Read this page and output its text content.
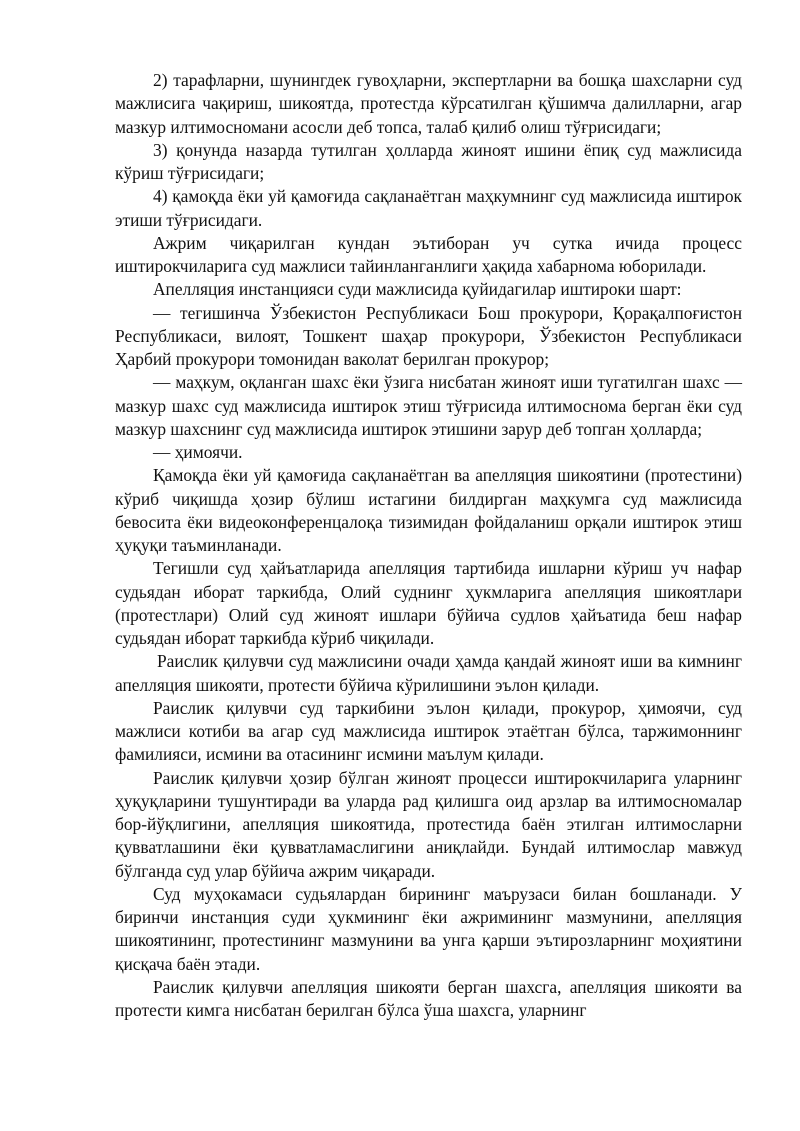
2) тарафларни, шунингдек гувоҳларни, экспертларни ва бошқа шахсларни суд мажлисига чақириш, шикоятда, протестда кўрсатилган қўшимча далилларни, агар мазкур илтимосномани асосли деб топса, талаб қилиб олиш тўғрисидаги;

3) қонунда назарда тутилган ҳолларда жиноят ишини ёпиқ суд мажлисида кўриш тўғрисидаги;

4) қамоқда ёки уй қамоғида сақланаётган маҳкумнинг суд мажлисида иштирок этиши тўғрисидаги.

Ажрим чиқарилган кундан эътиборан уч сутка ичида процесс иштирокчиларига суд мажлиси тайинланганлиги ҳақида хабарнома юборилади.

Апелляция инстанцияси суди мажлисида қуйидагилар иштироки шарт:

— тегишинча Ўзбекистон Республикаси Бош прокурори, Қорақалпоғистон Республикаси, вилоят, Тошкент шаҳар прокурори, Ўзбекистон Республикаси Ҳарбий прокурори томонидан ваколат берилган прокурор;

— маҳкум, оқланган шахс ёки ўзига нисбатан жиноят иши тугатилган шахс — мазкур шахс суд мажлисида иштирок этиш тўғрисида илтимосномa берган ёки суд мазкур шахснинг суд мажлисида иштирок этишини зарур деб топган ҳолларда;

— ҳимоячи.

Қамоқда ёки уй қамоғида сақланаётган ва апелляция шикоятини (протестини) кўриб чиқишда ҳозир бўлиш истагини билдирган маҳкумга суд мажлисида бевосита ёки видеоконференцалоқа тизимидан фойдаланиш орқали иштирок этиш ҳуқуқи таъминланади.

Тегишли суд ҳайъатларида апелляция тартибида ишларни кўриш уч нафар судьядан иборат таркибда, Олий суднинг ҳукмларига апелляция шикоятлари (протестлари) Олий суд жиноят ишлари бўйича судлов ҳайъатида беш нафар судьядан иборат таркибда кўриб чиқилади.

Раислик қилувчи суд мажлисини очади ҳамда қандай жиноят иши ва кимнинг апелляция шикояти, протести бўйича кўрилишини эълон қилади.

Раислик қилувчи суд таркибини эълон қилади, прокурор, ҳимоячи, суд мажлиси котиби ва агар суд мажлисида иштирок этаётган бўлса, таржимоннинг фамилияси, исмини ва отасининг исмини маълум қилади.

Раислик қилувчи ҳозир бўлган жиноят процесси иштирокчиларига уларнинг ҳуқуқларини тушунтиради ва уларда рад қилишга оид арзлар ва илтимосномалар бор-йўқлигини, апелляция шикоятида, протестида баён этилган илтимосларни қувватлашини ёки қувватламаслигини аниқлайди. Бундай илтимослар мавжуд бўлганда суд улар бўйича ажрим чиқаради.

Суд муҳокамаси судьялардан бирининг маърузаси билан бошланади. У биринчи инстанция суди ҳукмининг ёки ажримининг мазмунини, апелляция шикоятининг, протестининг мазмунини ва унга қарши эътирозларнинг моҳиятини қисқача баён этади.

Раислик қилувчи апелляция шикояти берган шахсга, апелляция шикояти ва протести кимга нисбатан берилган бўлса ўша шахсга, уларнинг
